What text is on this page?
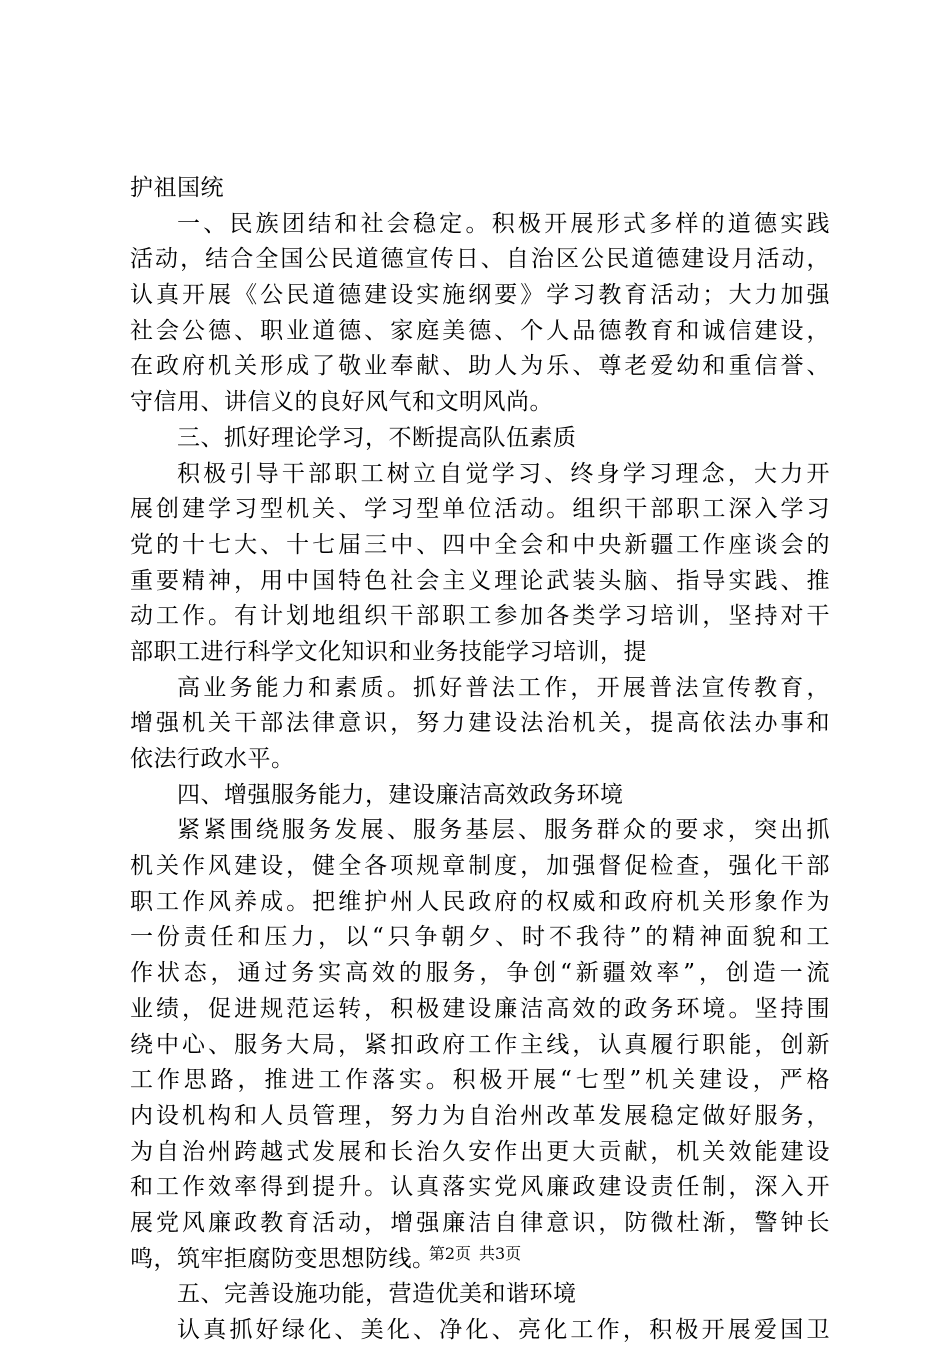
护祖国统
一、民族团结和社会稳定。积极开展形式多样的道德实践
活动，结合全国公民道德宣传日、自治区公民道德建设月活动，
认真开展《公民道德建设实施纲要》学习教育活动；大力加强
社会公德、职业道德、家庭美德、个人品德教育和诚信建设，
在政府机关形成了敬业奉献、助人为乐、尊老爱幼和重信誉、
守信用、讲信义的良好风气和文明风尚。
三、抓好理论学习，不断提高队伍素质
积极引导干部职工树立自觉学习、终身学习理念，大力开
展创建学习型机关、学习型单位活动。组织干部职工深入学习
党的十七大、十七届三中、四中全会和中央新疆工作座谈会的
重要精神，用中国特色社会主义理论武装头脑、指导实践、推
动工作。有计划地组织干部职工参加各类学习培训，坚持对干
部职工进行科学文化知识和业务技能学习培训，提
高业务能力和素质。抓好普法工作，开展普法宣传教育，
增强机关干部法律意识，努力建设法治机关，提高依法办事和
依法行政水平。
四、增强服务能力，建设廉洁高效政务环境
紧紧围绕服务发展、服务基层、服务群众的要求，突出抓
机关作风建设，健全各项规章制度，加强督促检查，强化干部
职工作风养成。把维护州人民政府的权威和政府机关形象作为
一份责任和压力，以“只争朝夕、时不我待”的精神面貌和工
作状态，通过务实高效的服务，争创“新疆效率”，创造一流
业绩，促进规范运转，积极建设廉洁高效的政务环境。坚持围
绕中心、服务大局，紧扣政府工作主线，认真履行职能，创新
工作思路，推进工作落实。积极开展“七型”机关建设，严格
内设机构和人员管理，努力为自治州改革发展稳定做好服务，
为自治州跨越式发展和长治久安作出更大贡献，机关效能建设
和工作效率得到提升。认真落实党风廉政建设责任制，深入开
展党风廉政教育活动，增强廉洁自律意识，防微杜渐，警钟长
鸣，筑牢拒腐防变思想防线。
五、完善设施功能，营造优美和谐环境
认真抓好绿化、美化、净化、亮化工作，积极开展爱国卫
第2页 共3页
